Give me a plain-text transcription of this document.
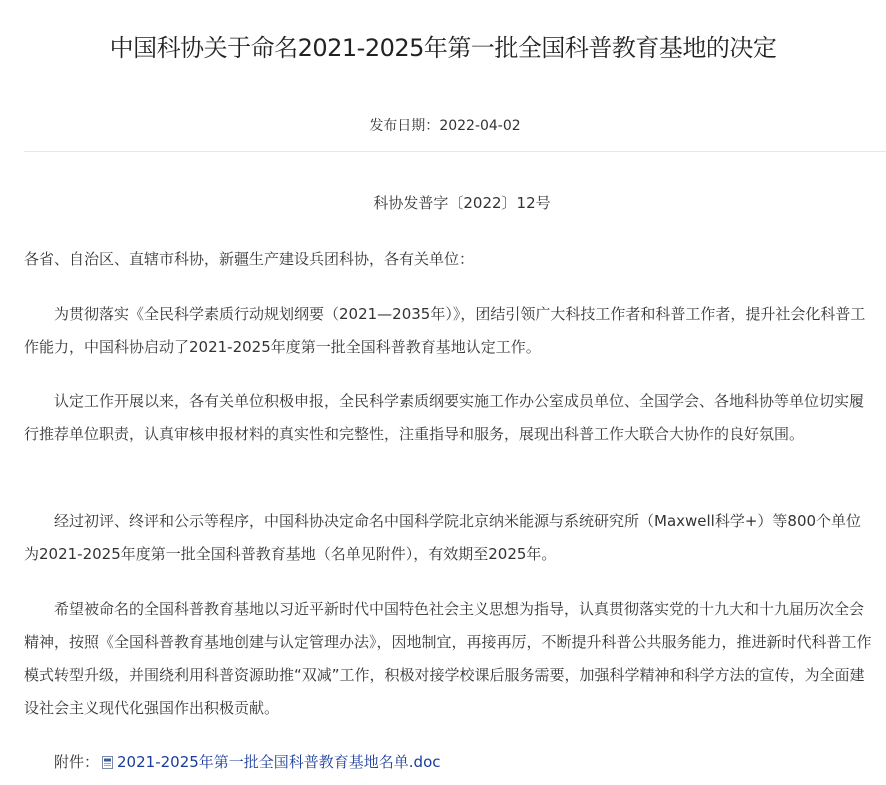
中国科协关于命名2021-2025年第一批全国科普教育基地的决定
发布日期：2022-04-02
科协发普字〔2022〕12号
各省、自治区、直辖市科协，新疆生产建设兵团科协，各有关单位：

为贯彻落实《全民科学素质行动规划纲要（2021—2035年）》，团结引领广大科技工作者和科普工作者，提升社会化科普工作能力，中国科协启动了2021-2025年度第一批全国科普教育基地认定工作。

认定工作开展以来，各有关单位积极申报，全民科学素质纲要实施工作办公室成员单位、全国学会、各地科协等单位切实履行推荐单位职责，认真审核申报材料的真实性和完整性，注重指导和服务，展现出科普工作大联合大协作的良好氛围。

经过初评、终评和公示等程序，中国科协决定命名中国科学院北京纳米能源与系统研究所（Maxwell科学+）等800个单位为2021-2025年度第一批全国科普教育基地（名单见附件），有效期至2025年。

希望被命名的全国科普教育基地以习近平新时代中国特色社会主义思想为指导，认真贯彻落实党的十九大和十九届历次全会精神，按照《全国科普教育基地创建与认定管理办法》，因地制宜，再接再厉，不断提升科普公共服务能力，推进新时代科普工作模式转型升级，并围绕利用科普资源助推“双减”工作，积极对接学校课后服务需要，加强科学精神和科学方法的宣传，为全面建设社会主义现代化强国作出积极贡献。

附件： 2021-2025年第一批全国科普教育基地名单.doc
